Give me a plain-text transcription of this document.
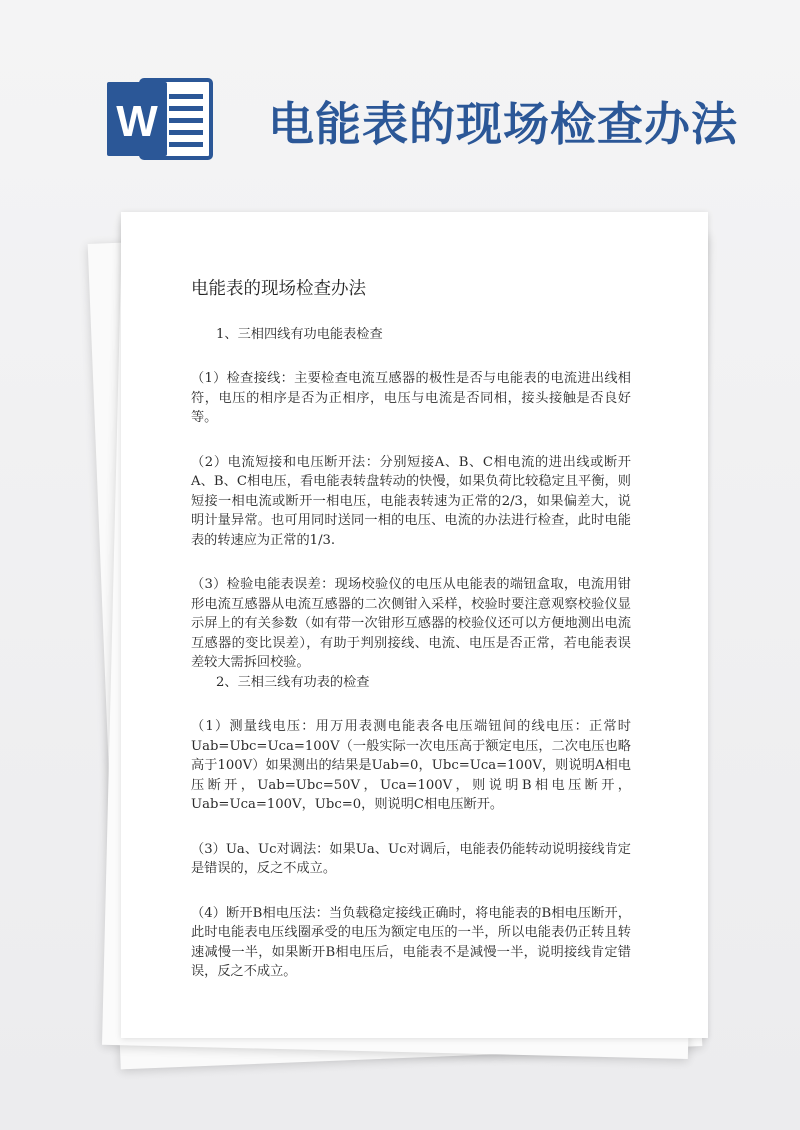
W 电能表的现场检查办法
电能表的现场检查办法
1、三相四线有功电能表检查

（1）检查接线：主要检查电流互感器的极性是否与电能表的电流进出线相符，电压的相序是否为正相序，电压与电流是否同相，接头接触是否良好等。

（2）电流短接和电压断开法：分别短接A、B、C相电流的进出线或断开A、B、C相电压，看电能表转盘转动的快慢，如果负荷比较稳定且平衡，则短接一相电流或断开一相电压，电能表转速为正常的2/3，如果偏差大，说明计量异常。也可用同时送同一相的电压、电流的办法进行检查，此时电能表的转速应为正常的1/3.

（3）检验电能表误差：现场校验仪的电压从电能表的端钮盒取，电流用钳形电流互感器从电流互感器的二次侧钳入采样，校验时要注意观察校验仪显示屏上的有关参数（如有带一次钳形互感器的校验仪还可以方便地测出电流互感器的变比误差），有助于判别接线、电流、电压是否正常，若电能表误差较大需拆回校验。

2、三相三线有功表的检查

（1）测量线电压：用万用表测电能表各电压端钮间的线电压：正常时Uab=Ubc=Uca=100V（一般实际一次电压高于额定电压，二次电压也略高于100V）如果测出的结果是Uab=0，Ubc=Uca=100V，则说明A相电压断开，Uab=Ubc=50V，Uca=100V，则说明B相电压断开，Uab=Uca=100V，Ubc=0，则说明C相电压断开。

（3）Ua、Uc对调法：如果Ua、Uc对调后，电能表仍能转动说明接线肯定是错误的，反之不成立。

（4）断开B相电压法：当负载稳定接线正确时，将电能表的B相电压断开，此时电能表电压线圈承受的电压为额定电压的一半，所以电能表仍正转且转速减慢一半，如果断开B相电压后，电能表不是減慢一半，说明接线肯定错误，反之不成立。
